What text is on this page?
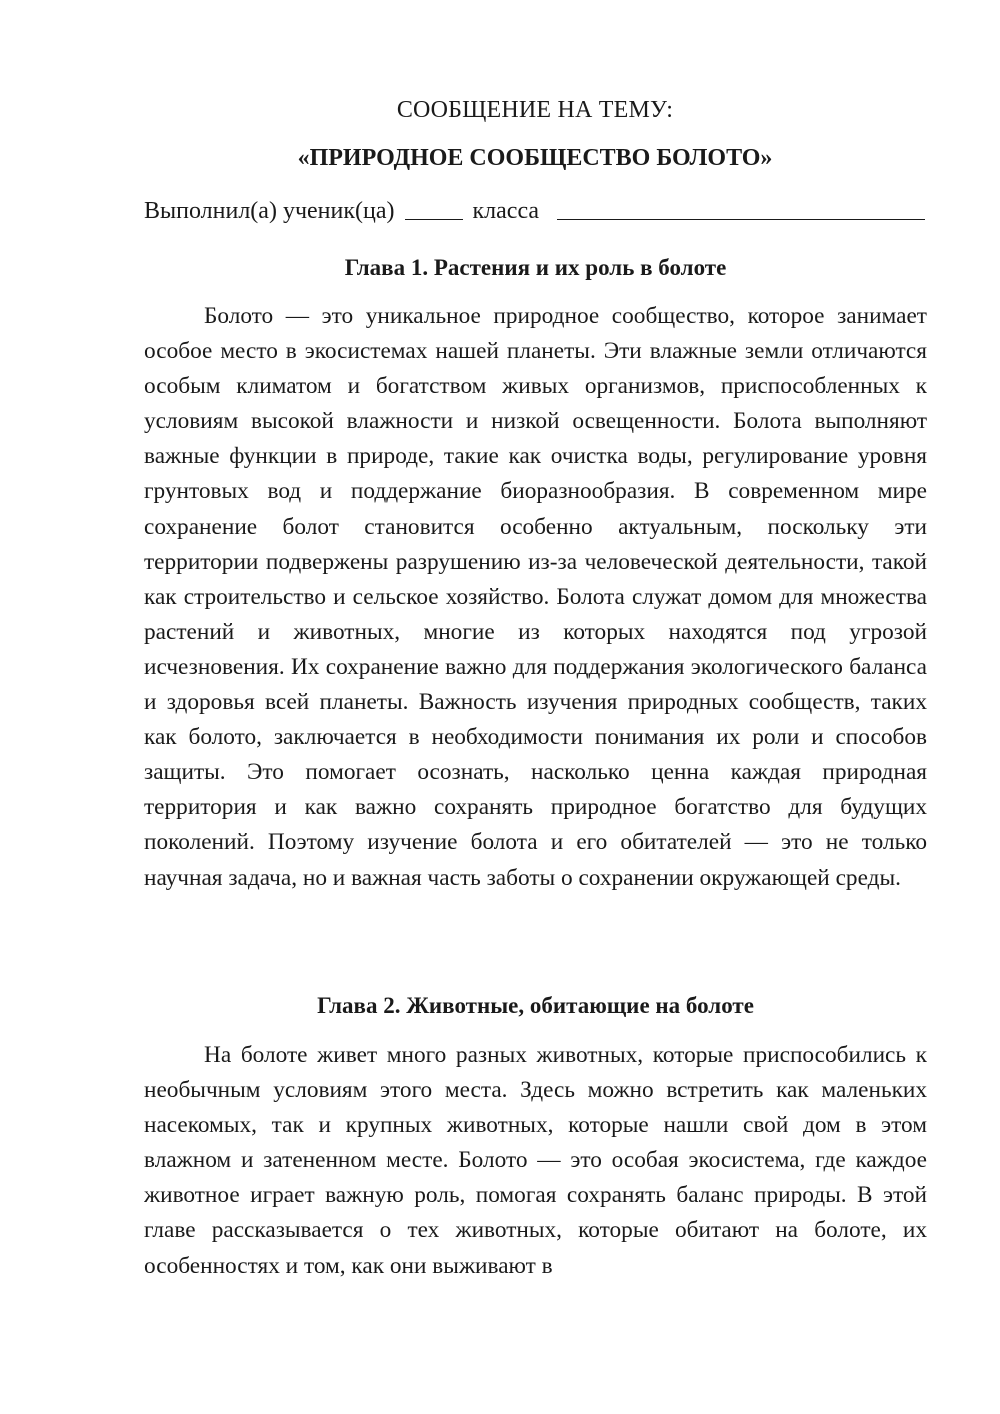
СООБЩЕНИЕ НА ТЕМУ:
«ПРИРОДНОЕ СООБЩЕСТВО БОЛОТО»
Выполнил(а) ученик(ца)	класса
Глава 1. Растения и их роль в болоте

Болото — это уникальное природное сообщество, которое занимает особое место в экосистемах нашей планеты. Эти влажные земли отличаются особым климатом и богатством живых организмов, приспособленных к условиям высокой влажности и низкой освещенности. Болота выполняют важные функции в природе, такие как очистка воды, регулирование уровня грунтовых вод и поддержание биоразнообразия. В современном мире сохранение болот становится особенно актуальным, поскольку эти территории подвержены разрушению из-за человеческой деятельности, такой как строительство и сельское хозяйство. Болота служат домом для множества растений и животных, многие из которых находятся под угрозой исчезновения. Их сохранение важно для поддержания экологического баланса и здоровья всей планеты. Важность изучения природных сообществ, таких как болото, заключается в необходимости понимания их роли и способов защиты. Это помогает осознать, насколько ценна каждая природная территория и как важно сохранять природное богатство для будущих поколений. Поэтому изучение болота и его обитателей — это не только научная задача, но и важная часть заботы о сохранении окружающей среды.

Глава 2. Животные, обитающие на болоте

На болоте живет много разных животных, которые приспособились к необычным условиям этого места. Здесь можно встретить как маленьких насекомых, так и крупных животных, которые нашли свой дом в этом влажном и затененном месте. Болото — это особая экосистема, где каждое животное играет важную роль, помогая сохранять баланс природы. В этой главе рассказывается о тех животных, которые обитают на болоте, их особенностях и том, как они выживают в
